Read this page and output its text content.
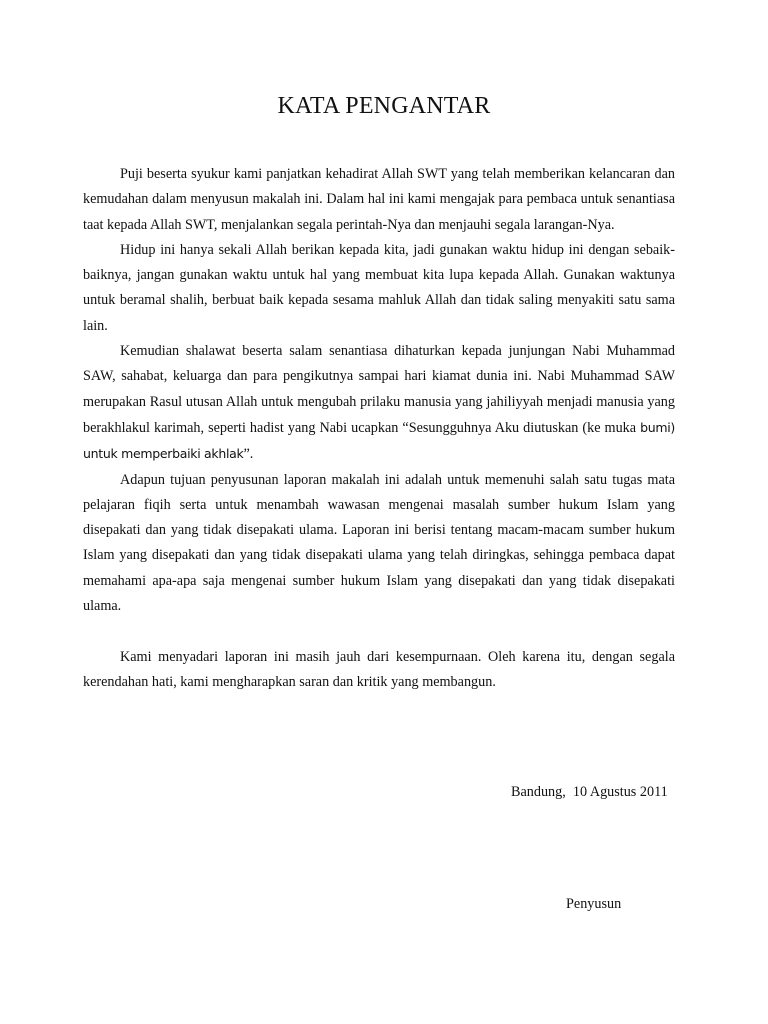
KATA PENGANTAR

Puji beserta syukur kami panjatkan kehadirat Allah SWT yang telah memberikan kelancaran dan kemudahan dalam menyusun makalah ini. Dalam hal ini kami mengajak para pembaca untuk senantiasa taat kepada Allah SWT, menjalankan segala perintah-Nya dan menjauhi segala larangan-Nya.

Hidup ini hanya sekali Allah berikan kepada kita, jadi gunakan waktu hidup ini dengan sebaik-baiknya, jangan gunakan waktu untuk hal yang membuat kita lupa kepada Allah. Gunakan waktunya untuk beramal shalih, berbuat baik kepada sesama mahluk Allah dan tidak saling menyakiti satu sama lain.

Kemudian shalawat beserta salam senantiasa dihaturkan kepada junjungan Nabi Muhammad SAW, sahabat, keluarga dan para pengikutnya sampai hari kiamat dunia ini. Nabi Muhammad SAW merupakan Rasul utusan Allah untuk mengubah prilaku manusia yang jahiliyyah menjadi manusia yang berakhlakul karimah, seperti hadist yang Nabi ucapkan “Sesungguhnya Aku diutuskan (ke muka bumi) untuk memperbaiki akhlak”.

Adapun tujuan penyusunan laporan makalah ini adalah untuk memenuhi salah satu tugas mata pelajaran fiqih serta untuk menambah wawasan mengenai masalah sumber hukum Islam yang disepakati dan yang tidak disepakati ulama. Laporan ini berisi tentang macam-macam sumber hukum Islam yang disepakati dan yang tidak disepakati ulama yang telah diringkas, sehingga pembaca dapat memahami apa-apa saja mengenai sumber hukum Islam yang disepakati dan yang tidak disepakati ulama.

Kami menyadari laporan ini masih jauh dari kesempurnaan. Oleh karena itu, dengan segala kerendahan hati, kami mengharapkan saran dan kritik yang membangun.

Bandung,  10 Agustus 2011

Penyusun
